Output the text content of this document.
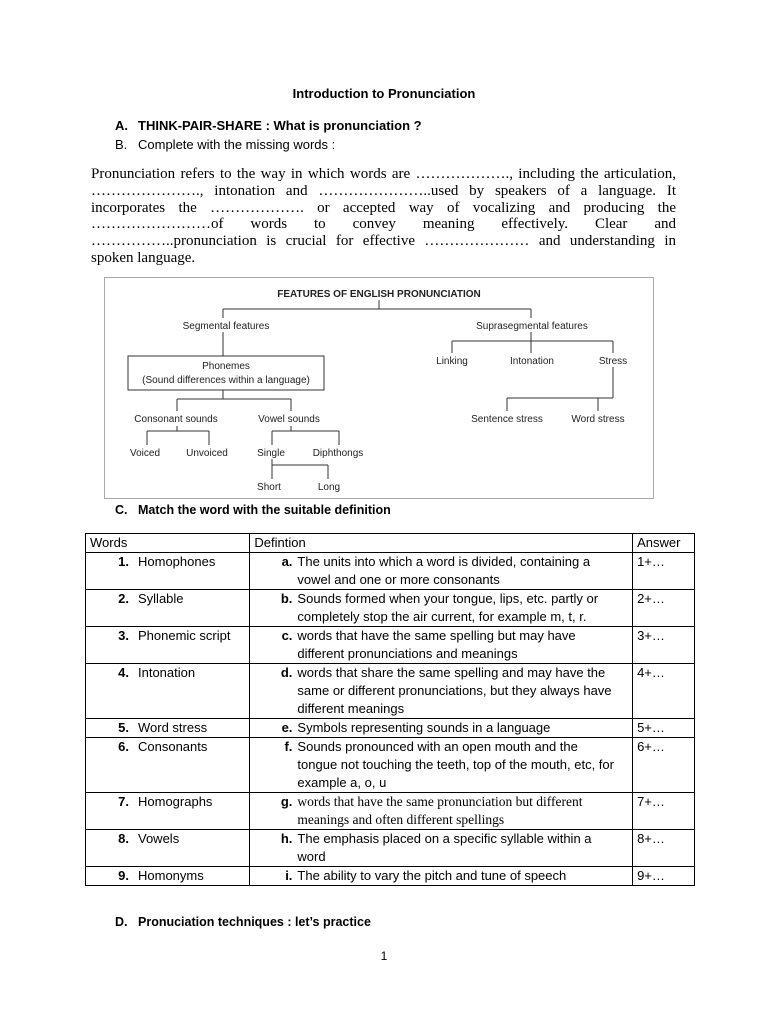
Introduction to Pronunciation
A. THINK-PAIR-SHARE : What is pronunciation ?
B. Complete with the missing words :
Pronunciation refers to the way in which words are ………………., including the articulation,
…………………., intonation and …………………..used by speakers of a language. It
incorporates the ………………. or accepted way of vocalizing and producing the
……………………of words to convey meaning effectively. Clear and
……………..pronunciation is crucial for effective ………………… and understanding in
spoken language.
FEATURES OF ENGLISH PRONUNCIATION
Segmental features	Suprasegmental features
Phonemes
(Sound differences within a language)
Consonant sounds	Vowel sounds
Voiced	Unvoiced	Single	Diphthongs
Short	Long
Linking	Intonation	Stress
Sentence stress	Word stress
C. Match the word with the suitable definition
Words	Defintion	Answer
1. Homophones	a. The units into which a word is divided, containing a vowel and one or more consonants	1+…
2. Syllable	b. Sounds formed when your tongue, lips, etc. partly or completely stop the air current, for example m, t, r.	2+…
3. Phonemic script	c. words that have the same spelling but may have different pronunciations and meanings	3+…
4. Intonation	d. words that share the same spelling and may have the same or different pronunciations, but they always have different meanings	4+…
5. Word stress	e. Symbols representing sounds in a language	5+…
6. Consonants	f. Sounds pronounced with an open mouth and the tongue not touching the teeth, top of the mouth, etc, for example a, o, u	6+…
7. Homographs	g. words that have the same pronunciation but different meanings and often different spellings	7+…
8. Vowels	h. The emphasis placed on a specific syllable within a word	8+…
9. Homonyms	i. The ability to vary the pitch and tune of speech	9+…
D. Pronuciation techniques : let’s practice
1
